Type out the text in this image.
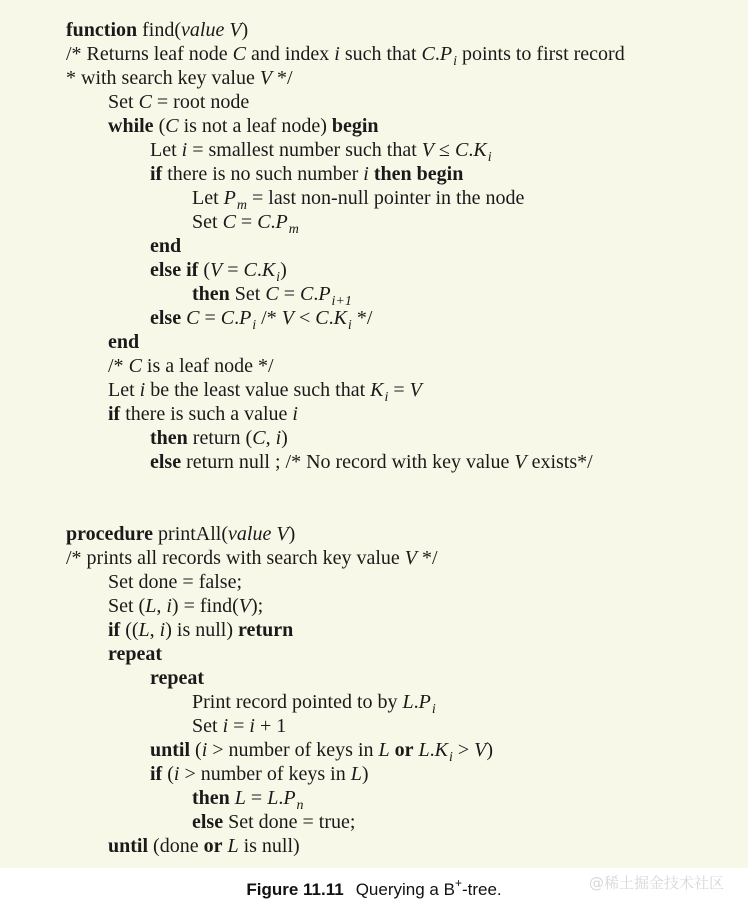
function find(value V)
/* Returns leaf node C and index i such that $C.P_i$ points to first record
* with search key value V */
Set C = root node
while (C is not a leaf node) begin
Let i = smallest number such that $V \le C.K_i$
if there is no such number i then begin
Let $P_m$ = last non-null pointer in the node
Set $C = C.P_m$
end
else if $(V = C.K_i)$
then Set $C = C.P_{i+1}$
else $C = C.P_i /* V < C.K_i$ */
end
/* C is a leaf node */
Let i be the least value such that $K_i = V$
if there is such a value i
then return (C, i)
else return null ; /* No record with key value V exists*/
procedure printAll(value V)
/* prints all records with search key value V */
Set done = false;
Set (L, i) = find(V);
if ((L, i) is null) return
repeat
repeat
Print record pointed to by $L.P_i$
Set i = i + 1
until (i > number of keys in L or $L.K_i > V$)
if (i > number of keys in L)
then $L = L.P_n$
else Set done = true;
until (done or L is null)
Figure 11.11 Querying a B+-tree.	@稀土掘金技术社区
